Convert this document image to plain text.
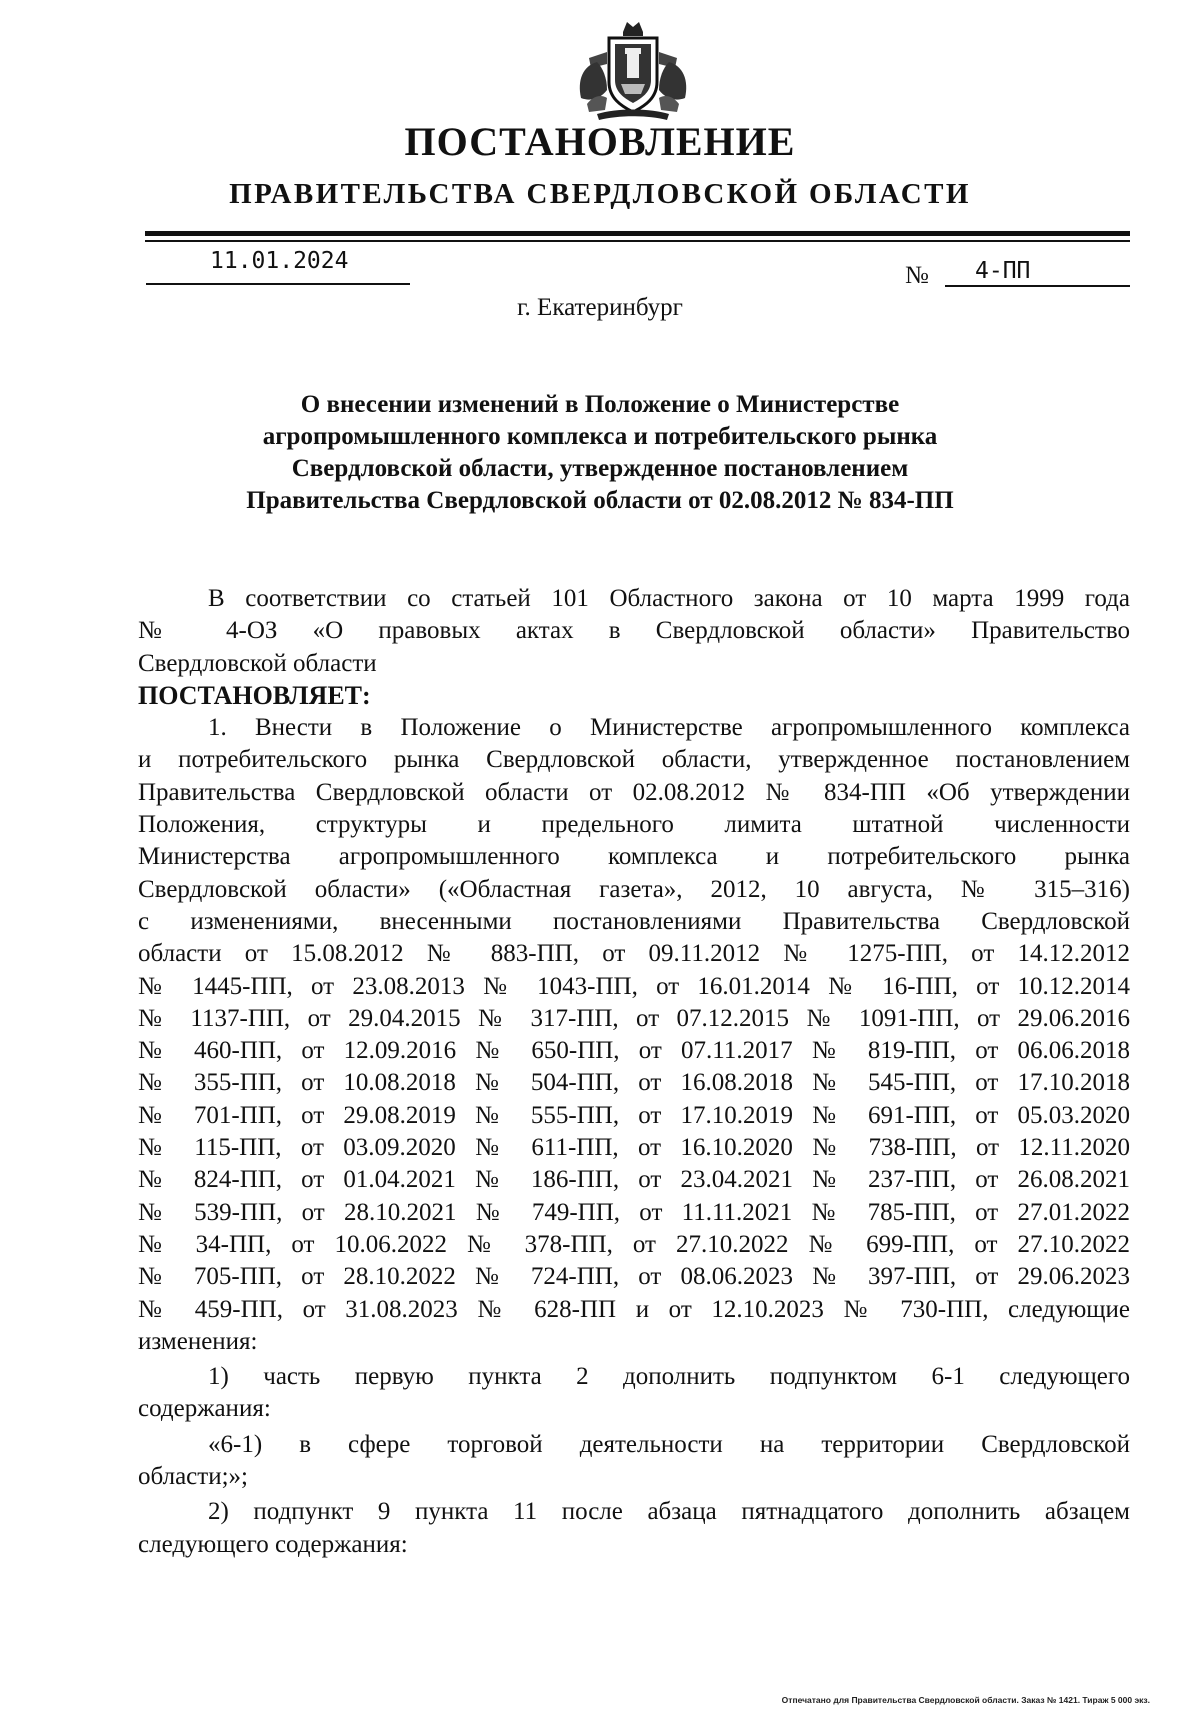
ПОСТАНОВЛЕНИЕ
ПРАВИТЕЛЬСТВА СВЕРДЛОВСКОЙ ОБЛАСТИ
11.01.2024
№ 4-ПП
г. Екатеринбург
О внесении изменений в Положение о Министерстве
агропромышленного комплекса и потребительского рынка
Свердловской области, утвержденное постановлением
Правительства Свердловской области от 02.08.2012 № 834-ПП
В соответствии со статьей 101 Областного закона от 10 марта 1999 года
№ 4-ОЗ «О правовых актах в Свердловской области» Правительство
Свердловской области
ПОСТАНОВЛЯЕТ:
1. Внести в Положение о Министерстве агропромышленного комплекса
и потребительского рынка Свердловской области, утвержденное постановлением
Правительства Свердловской области от 02.08.2012 № 834-ПП «Об утверждении
Положения, структуры и предельного лимита штатной численности
Министерства агропромышленного комплекса и потребительского рынка
Свердловской области» («Областная газета», 2012, 10 августа, № 315–316)
с изменениями, внесенными постановлениями Правительства Свердловской
области от 15.08.2012 № 883-ПП, от 09.11.2012 № 1275-ПП, от 14.12.2012
№ 1445-ПП, от 23.08.2013 № 1043-ПП, от 16.01.2014 № 16-ПП, от 10.12.2014
№ 1137-ПП, от 29.04.2015 № 317-ПП, от 07.12.2015 № 1091-ПП, от 29.06.2016
№ 460-ПП, от 12.09.2016 № 650-ПП, от 07.11.2017 № 819-ПП, от 06.06.2018
№ 355-ПП, от 10.08.2018 № 504-ПП, от 16.08.2018 № 545-ПП, от 17.10.2018
№ 701-ПП, от 29.08.2019 № 555-ПП, от 17.10.2019 № 691-ПП, от 05.03.2020
№ 115-ПП, от 03.09.2020 № 611-ПП, от 16.10.2020 № 738-ПП, от 12.11.2020
№ 824-ПП, от 01.04.2021 № 186-ПП, от 23.04.2021 № 237-ПП, от 26.08.2021
№ 539-ПП, от 28.10.2021 № 749-ПП, от 11.11.2021 № 785-ПП, от 27.01.2022
№ 34-ПП, от 10.06.2022 № 378-ПП, от 27.10.2022 № 699-ПП, от 27.10.2022
№ 705-ПП, от 28.10.2022 № 724-ПП, от 08.06.2023 № 397-ПП, от 29.06.2023
№ 459-ПП, от 31.08.2023 № 628-ПП и от 12.10.2023 № 730-ПП, следующие
изменения:
1) часть первую пункта 2 дополнить подпунктом 6-1 следующего
содержания:
«6-1) в сфере торговой деятельности на территории Свердловской
области;»;
2) подпункт 9 пункта 11 после абзаца пятнадцатого дополнить абзацем
следующего содержания:
Отпечатано для Правительства Свердловской области. Заказ № 1421. Тираж 5 000 экз.
